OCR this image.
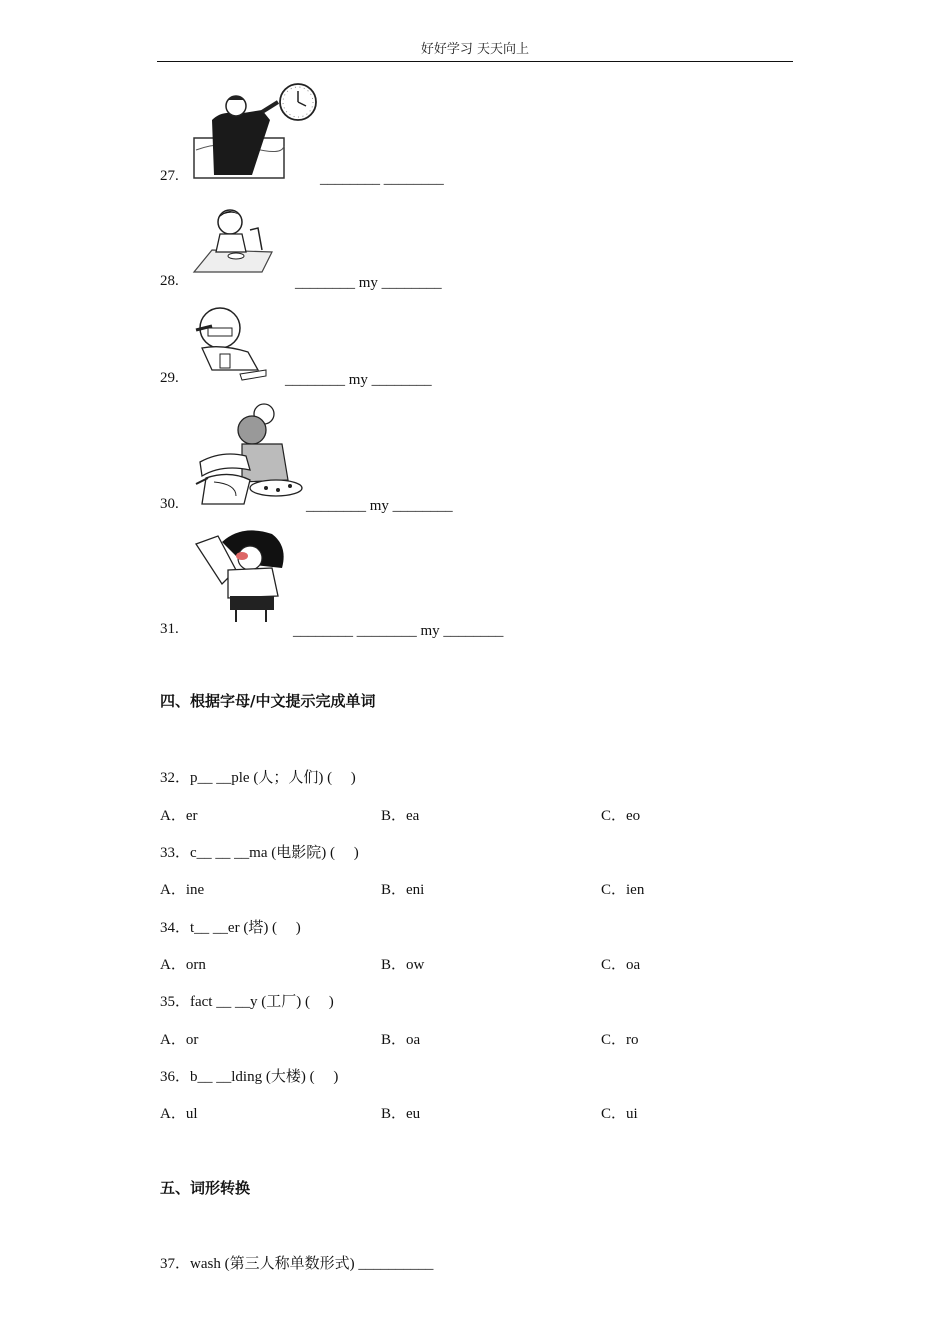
好好学习 天天向上
27.	________ ________
28.	________ my ________
29.	________ my ________
30.	________ my ________
31.	________ ________ my ________
四、根据字母/中文提示完成单词
32．p__ __ple (人；人们) (     )
A．er	B．ea	C．eo
33．c__ __ __ma (电影院) (     )
A．ine	B．eni	C．ien
34．t__ __er (塔) (     )
A．orn	B．ow	C．oa
35．fact __ __y (工厂) (     )
A．or	B．oa	C．ro
36．b__ __lding (大楼) (     )
A．ul	B．eu	C．ui
五、词形转换
37．wash (第三人称单数形式) __________
